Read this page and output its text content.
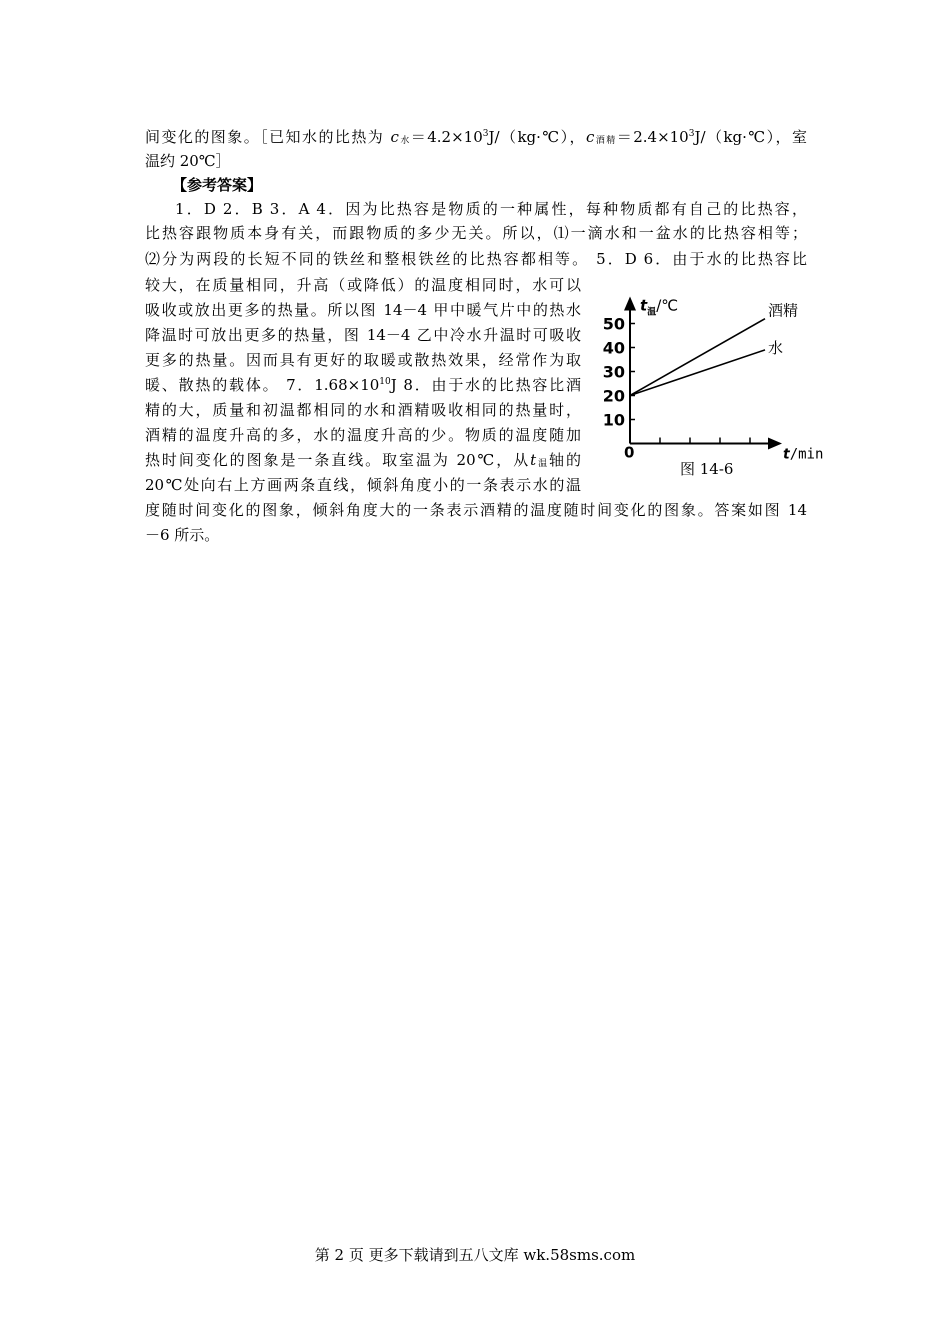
间变化的图象。［已知水的比热为 $c_水=4.2\times 10^3J/(kg\cdot℃)$，$c_{酒精}=2.4\times 10^3J/(kg\cdot℃)$，室
温约 20℃］
【参考答案】
1．D 2．B 3．A 4．因为比热容是物质的一种属性，每种物质都有自己的比热容，
比热容跟物质本身有关，而跟物质的多少无关。所以，⑴一滴水和一盆水的比热容相等；
⑵分为两段的长短不同的铁丝和整根铁丝的比热容都相等。 5．D 6．由于水的比热容比
较大，在质量相同，升高（或降低）的温度相同时，水可以
吸收或放出更多的热量。所以图 14－4 甲中暖气片中的热水
降温时可放出更多的热量，图 14－4 乙中冷水升温时可吸收
更多的热量。因而具有更好的取暖或散热效果，经常作为取
暖、散热的载体。 7．$1.68\times 10^{10}J$ 8．由于水的比热容比酒
精的大，质量和初温都相同的水和酒精吸收相同的热量时，
酒精的温度升高的多，水的温度升高的少。物质的温度随加
热时间变化的图象是一条直线。取室温为 20℃，从$t_温$轴的
20℃处向右上方画两条直线，倾斜角度小的一条表示水的温
度随时间变化的图象，倾斜角度大的一条表示酒精的温度随时间变化的图象。答案如图 14
－6 所示。
10
20
30
40
50
酒精
水
0
$t_温/℃$
t/min
图 14-6
第 2 页 更多下载请到五八文库 wk.58sms.com
